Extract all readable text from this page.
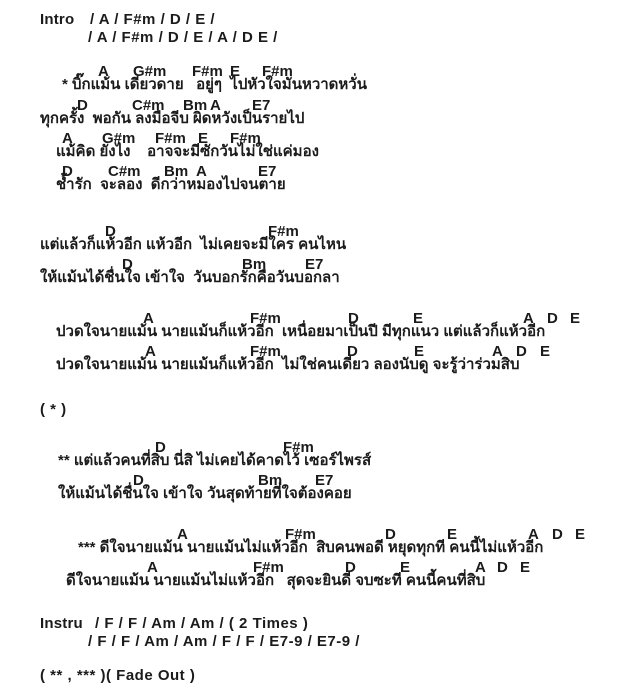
Intro / A / F#m / D / E /
/ A / F#m / D / E / A / D E /
A G#m F#m E F#m
* บิ๊กแม้น เดียวดาย   อยู่ๆ  ไปหัวใจมันหวาดหวั่น
D	C#m Bm A E7
ทุกครั้ง  พอกัน ลงมือจีบ ผิดหวังเป็นรายไป
A G#m F#m E F#m
แม้คิด ยังไง    อาจจะมีซักวันไม่ใช่แค่มอง
D C#m Bm A	E7
ช้ำรัก  จะลอง  ดีกว่าหมองไปจนตาย
D	F#m
แต่แล้วก็แห้วอีก แห้วอีก  ไม่เคยจะมีใคร คนไหน
D	Bm	E7
ให้แม้นได้ชื่นใจ เข้าใจ  วันบอกรักคือวันบอกลา
A	F#m	D	E	A D E
ปวดใจนายแม้น นายแม้นก็แห้วอีก  เหนื่อยมาเป็นปี มีทุกแนว แต่แล้วก็แห้วอีก
A	F#m	D	E	A D E
ปวดใจนายแม้น นายแม้นก็แห้วอีก  ไม่ใช่คนเดียว ลองนับดู จะรู้ว่าร่วมสิบ
( * )
D	F#m
** แต่แล้วคนที่สิบ นี่สิ ไม่เคยได้คาดไว้ เซอร์ไพรส์
D	Bm E7
ให้แม้นได้ชื่นใจ เข้าใจ วันสุดท้ายที่ใจต้องคอย
A	F#m	D	E	A D E
*** ดีใจนายแม้น นายแม้นไม่แห้วอีก  สิบคนพอดี หยุดทุกที คนนี้ไม่แห้วอีก
A	F#m	D	E	A D E
ดีใจนายแม้น นายแม้นไม่แห้วอีก   สุดจะยินดี จบซะที คนนี้คนที่สิบ
Instru / F / F / Am / Am / ( 2 Times )
/ F / F / Am / Am / F / F / E7-9 / E7-9 /
( ** , *** )( Fade Out )
